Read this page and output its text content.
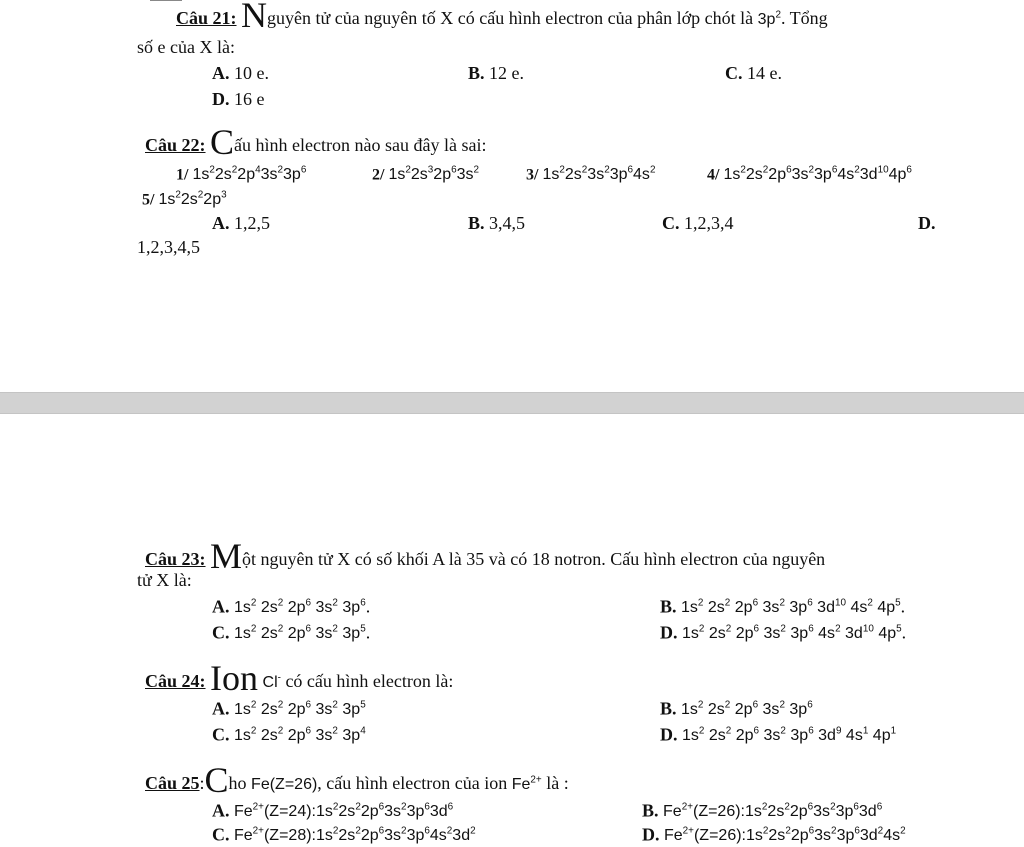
Câu 21: Nguyên tử của nguyên tố X có cấu hình electron của phân lớp chót là $3p^2$. Tổng
số e của X là:
A. 10 e.	B. 12 e.	C. 14 e.
D. 16 e
Câu 22: Cấu hình electron nào sau đây là sai:
1/ $1s^22s^22p^43s^23p^6$	2/ $1s^22s^32p^63s^2$	3/ $1s^22s^23s^23p^64s^2$	4/ $1s^22s^22p^63s^23p^64s^23d^{10}4p^6$
5/ $1s^22s^22p^3$
A. 1,2,5	B. 3,4,5	C. 1,2,3,4	D.
1,2,3,4,5
Câu 23: Một nguyên tử X có số khối A là 35 và có 18 notron. Cấu hình electron của nguyên
tử X là:
A. $1s^2$ $2s^2$ $2p^6$ $3s^2$ $3p^6$.	B. $1s^2$ $2s^2$ $2p^6$ $3s^2$ $3p^6$ $3d^{10}$ $4s^2$ $4p^5$.
C. $1s^2$ $2s^2$ $2p^6$ $3s^2$ $3p^5$.	D. $1s^2$ $2s^2$ $2p^6$ $3s^2$ $3p^6$ $4s^2$ $3d^{10}$ $4p^5$.
Câu 24: Ion Cl- có cấu hình electron là:
A. $1s^2$ $2s^2$ $2p^6$ $3s^2$ $3p^5$	B. $1s^2$ $2s^2$ $2p^6$ $3s^2$ $3p^6$
C. $1s^2$ $2s^2$ $2p^6$ $3s^2$ $3p^4$	D. $1s^2$ $2s^2$ $2p^6$ $3s^2$ $3p^6$ $3d^9$ $4s^1$ $4p^1$
Câu 25:Cho Fe(Z=26), cấu hình electron của ion $Fe^{2+}$ là :
A. $Fe^{2+}(Z=24):1s^22s^22p^63s^23p^63d^6$	B. $Fe^{2+}(Z=26):1s^22s^22p^63s^23p^63d^6$
C. $Fe^{2+}(Z=28):1s^22s^22p^63s^23p^64s^23d^2$	D. $Fe^{2+}(Z=26):1s^22s^22p^63s^23p^63d^24s^2$
